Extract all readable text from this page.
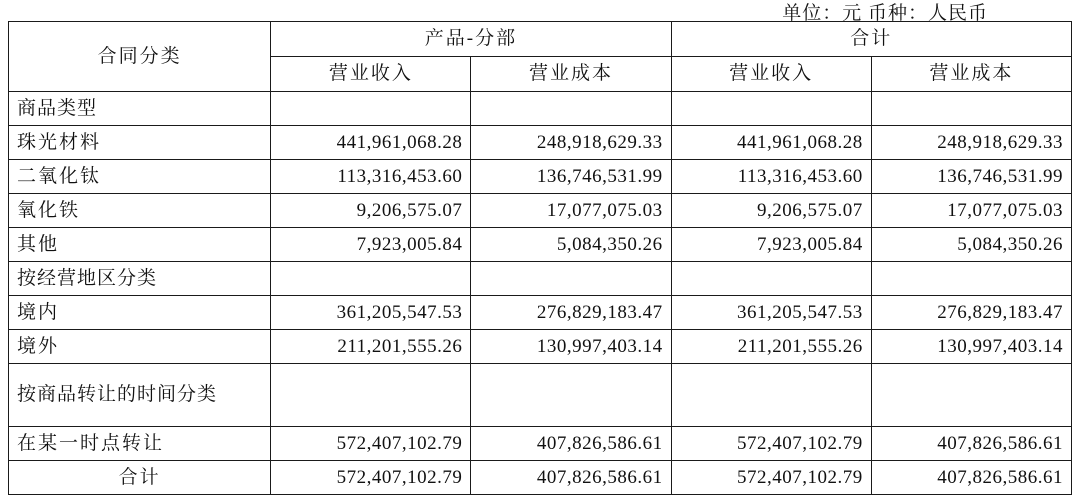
单位：元 币种：人民币
合同分类	产品-分部		合计	
	营业收入	营业成本	营业收入	营业成本
商品类型				
珠光材料	441,961,068.28	248,918,629.33	441,961,068.28	248,918,629.33
二氧化钛	113,316,453.60	136,746,531.99	113,316,453.60	136,746,531.99
氧化铁	9,206,575.07	17,077,075.03	9,206,575.07	17,077,075.03
其他	7,923,005.84	5,084,350.26	7,923,005.84	5,084,350.26
按经营地区分类				
境内	361,205,547.53	276,829,183.47	361,205,547.53	276,829,183.47
境外	211,201,555.26	130,997,403.14	211,201,555.26	130,997,403.14
按商品转让的时间分类				
在某一时点转让	572,407,102.79	407,826,586.61	572,407,102.79	407,826,586.61
合计	572,407,102.79	407,826,586.61	572,407,102.79	407,826,586.61
